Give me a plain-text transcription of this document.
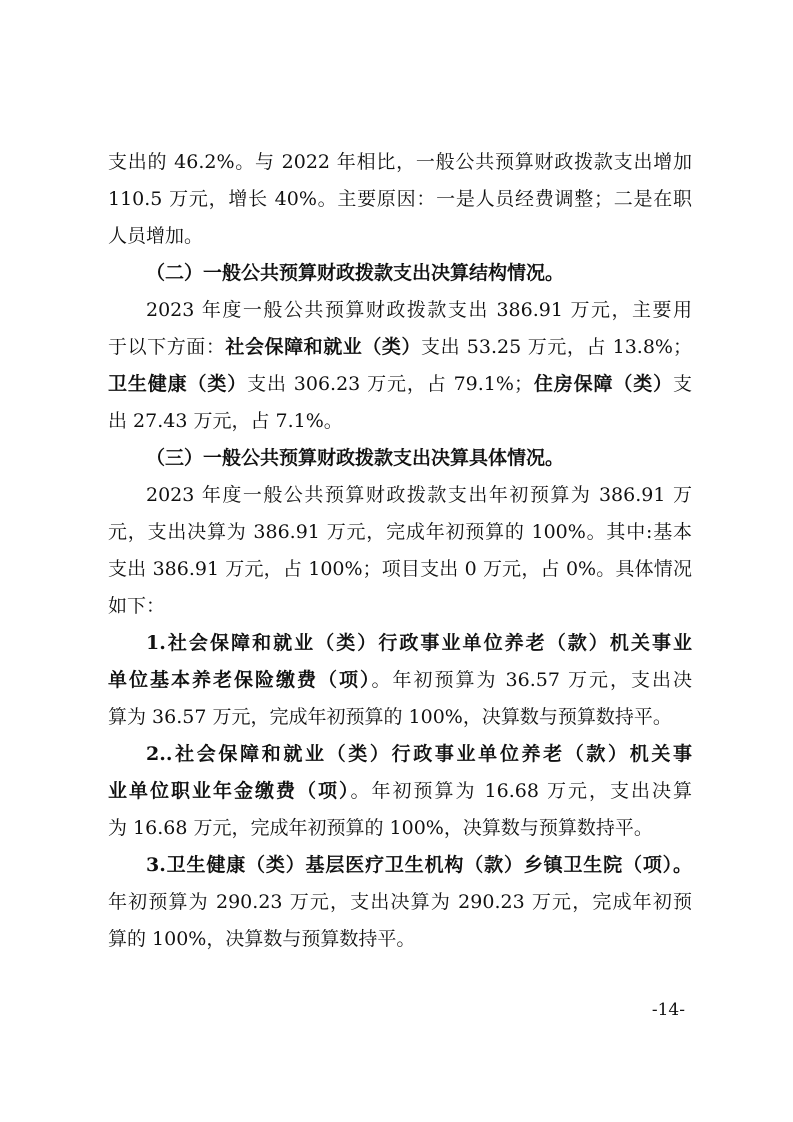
支出的 46.2%。与 2022 年相比，一般公共预算财政拨款支出增加
110.5 万元，增长 40%。主要原因：一是人员经费调整；二是在职
人员增加。
（二）一般公共预算财政拨款支出决算结构情况。
2023 年度一般公共预算财政拨款支出 386.91 万元，主要用
于以下方面：社会保障和就业（类）支出 53.25 万元，占 13.8%；
卫生健康（类）支出 306.23 万元，占 79.1%；住房保障（类）支
出 27.43 万元，占 7.1%。
（三）一般公共预算财政拨款支出决算具体情况。
2023 年度一般公共预算财政拨款支出年初预算为 386.91 万
元，支出决算为 386.91 万元，完成年初预算的 100%。其中:基本
支出 386.91 万元，占 100%；项目支出 0 万元，占 0%。具体情况
如下：
1.社会保障和就业（类）行政事业单位养老（款）机关事业
单位基本养老保险缴费（项）。年初预算为 36.57 万元，支出决
算为 36.57 万元，完成年初预算的 100%，决算数与预算数持平。
2..社会保障和就业（类）行政事业单位养老（款）机关事
业单位职业年金缴费（项）。年初预算为 16.68 万元，支出决算
为 16.68 万元，完成年初预算的 100%，决算数与预算数持平。
3.卫生健康（类）基层医疗卫生机构（款）乡镇卫生院（项）。
年初预算为 290.23 万元，支出决算为 290.23 万元，完成年初预
算的 100%，决算数与预算数持平。
-14-
